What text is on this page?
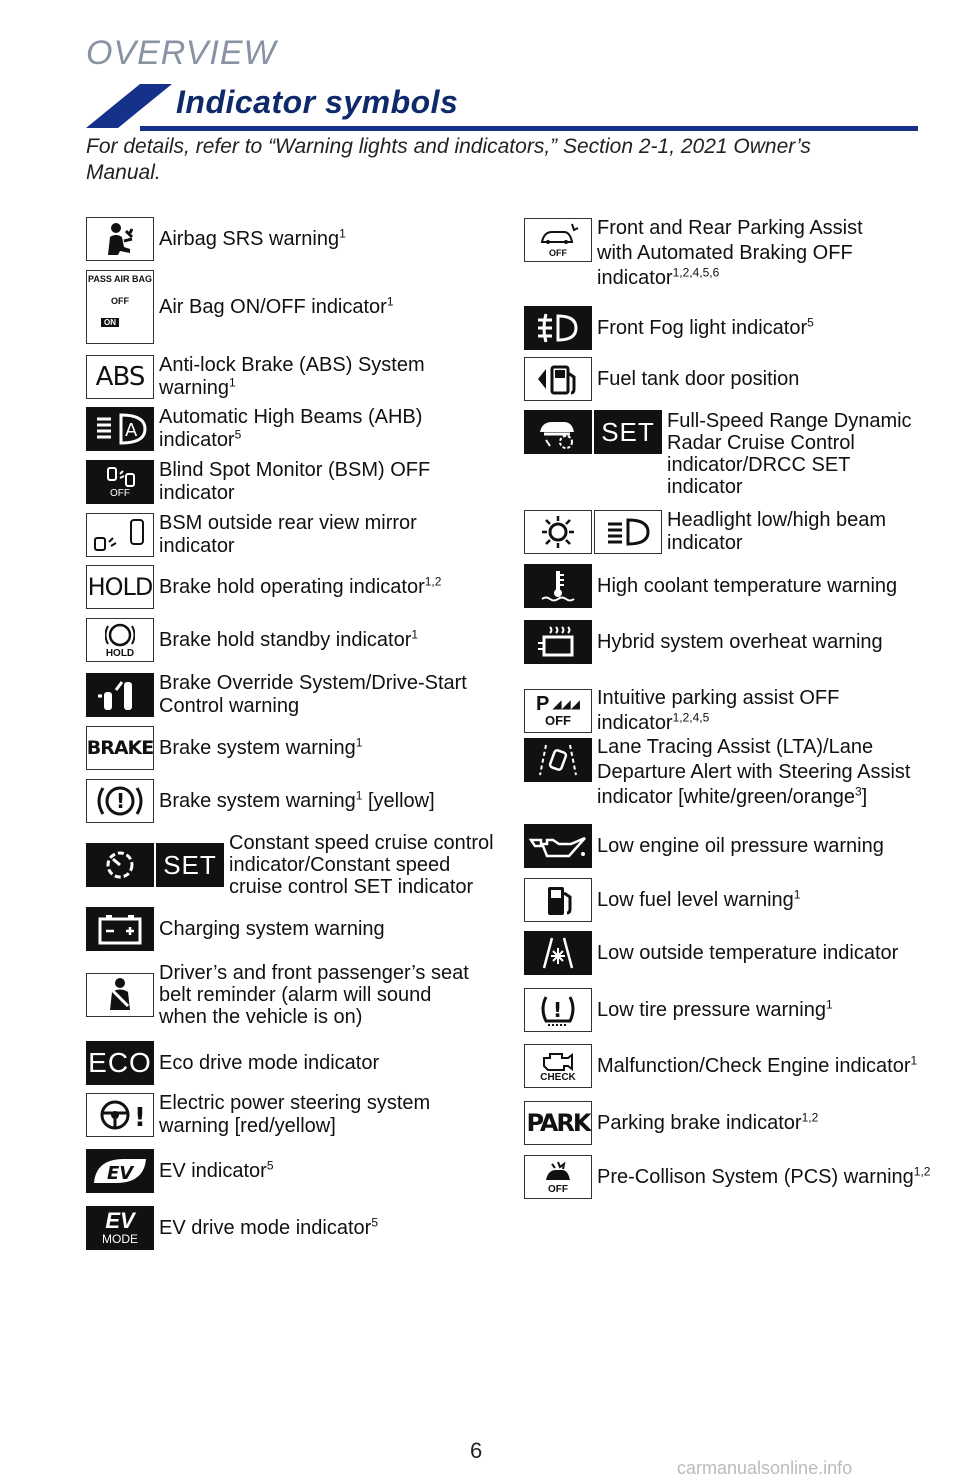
OVERVIEW
Indicator symbols
For details, refer to “Warning lights and indicators,” Section 2-1, 2021 Owner’s Manual.
Airbag SRS warning$^1$
PASS AIR BAG
OFF
ON
Air Bag ON/OFF indicator$^1$
ABS Anti-lock Brake (ABS) System warning$^1$
A
Automatic High Beams (AHB) indicator$^5$
OFF
Blind Spot Monitor (BSM) OFF indicator
BSM outside rear view mirror indicator
HOLD Brake hold operating indicator$^{1,2}$
HOLD
Brake hold standby indicator$^1$
Brake Override System/Drive-Start Control warning
BRAKE Brake system warning$^1$
! Brake system warning$^1$ [yellow]
SET
Constant speed cruise control indicator/Constant speed cruise control SET indicator
Charging system warning
Driver’s and front passenger’s seat belt reminder (alarm will sound when the vehicle is on)
ECO Eco drive mode indicator
! Electric power steering system warning [red/yellow]
EV EV indicator$^5$
EV
MODE
EV drive mode indicator$^5$
OFF
Front and Rear Parking Assist with Automated Braking OFF indicator$^{1,2,4,5,6}$
Front Fog light indicator$^5$
Fuel tank door position
SET Full-Speed Range Dynamic Radar Cruise Control indicator/DRCC SET indicator
Headlight low/high beam indicator
High coolant temperature warning
Hybrid system overheat warning
P ◢◢◢
OFF
Intuitive parking assist OFF indicator$^{1,2,4,5}$
Lane Tracing Assist (LTA)/Lane Departure Alert with Steering Assist indicator [white/green/orange$^3$]
Low engine oil pressure warning
Low fuel level warning$^1$
Low outside temperature indicator
! Low tire pressure warning$^1$
CHECK
Malfunction/Check Engine indicator$^1$
PARK Parking brake indicator$^{1,2}$
OFF
Pre-Collison System (PCS) warning$^{1,2}$
6
carmanualsonline.info
